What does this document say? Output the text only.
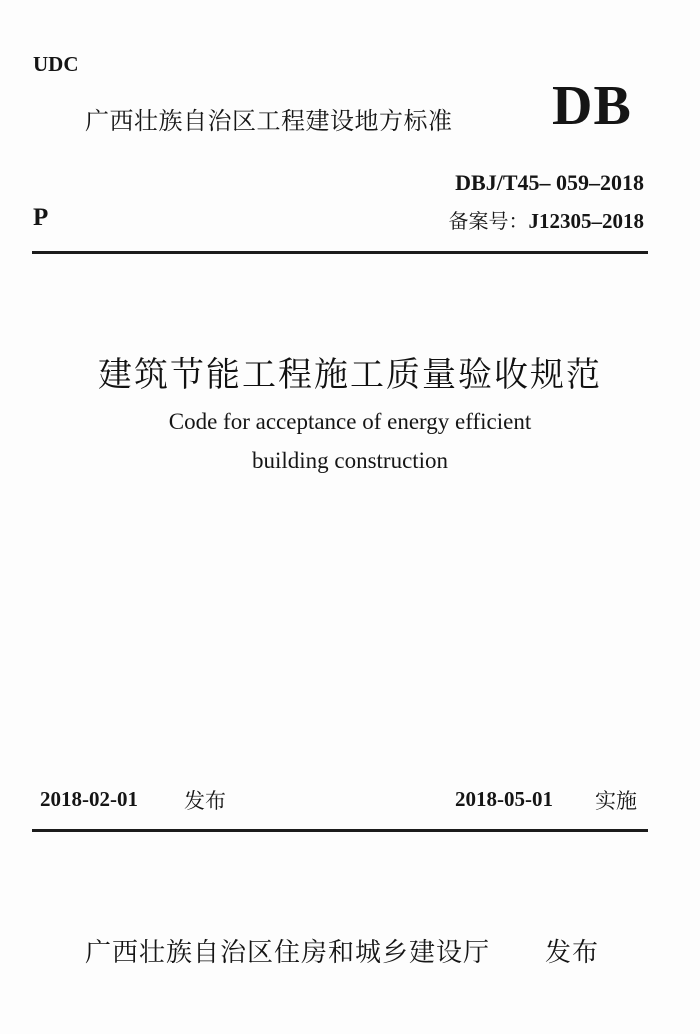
UDC
广西壮族自治区工程建设地方标准 DB
DBJ/T45– 059–2018
P	备案号：J12305–2018
建筑节能工程施工质量验收规范
Code for acceptance of energy efficient
building construction
2018-02-01 发布	2018-05-01 实施
广西壮族自治区住房和城乡建设厅 发布
